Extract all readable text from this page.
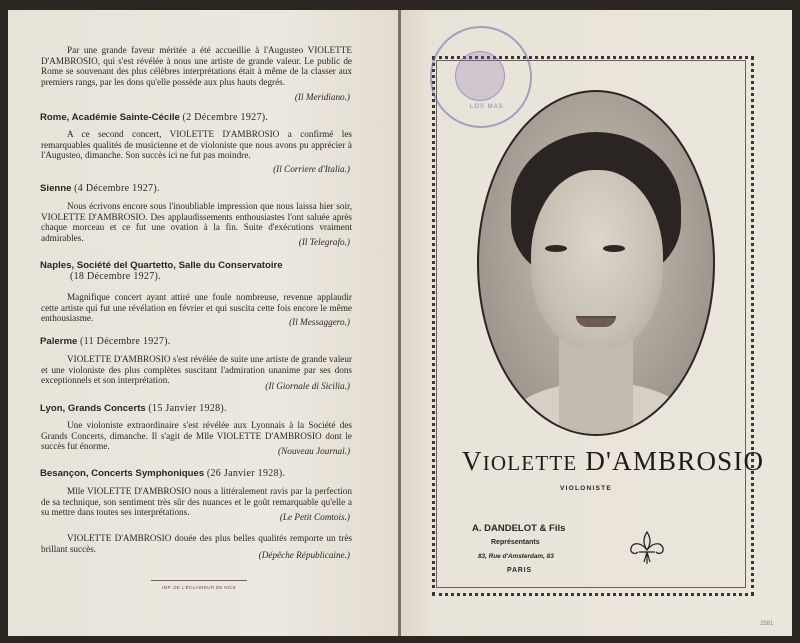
Par une grande faveur méritée a été accueillie à l'Augusteo VIOLETTE D'AMBROSIO, qui s'est révélée à nous une artiste de grande valeur. Le public de Rome se souvenant des plus célèbres interprétations était à même de la classer aux premiers rangs, par les dons qu'elle possède aux plus hauts degrés.

(Il Meridiano.)
Rome, Académie Sainte-Cécile (2 Décembre 1927).

A ce second concert, VIOLETTE D'AMBROSIO a confirmé les remarquables qualités de musicienne et de violoniste que nous avons pu apprécier à l'Augusteo, dimanche. Son succès ici ne fut pas moindre.

(Il Corriere d'Italia.)
Sienne (4 Décembre 1927).

Nous écrivons encore sous l'inoubliable impression que nous laissa hier soir, VIOLETTE D'AMBROSIO. Des applaudissements enthousiastes l'ont saluée après chaque morceau et ce fut une ovation à la fin. Suite d'exécutions vraiment admirables.	(Il Telegrafo.)
Naples, Société del Quartetto, Salle du Conservatoire
(18 Décembre 1927).

Magnifique concert ayant attiré une foule nombreuse, revenue applaudir cette artiste qui fut une révélation en février et qui suscita cette fois encore le même enthousiasme.	(Il Messaggero.)
Palerme (11 Décembre 1927).

VIOLETTE D'AMBROSIO s'est révélée de suite une artiste de grande valeur et une violoniste des plus complètes suscitant l'admiration unanime par ses dons exceptionnels et son interprétation.

(Il Giornale di Sicilia.)
Lyon, Grands Concerts (15 Janvier 1928).

Une violoniste extraordinaire s'est révélée aux Lyonnais à la Société des Grands Concerts, dimanche. Il s'agit de Mlle VIOLETTE D'AMBROSIO dont le succès fut énorme.	(Nouveau Journal.)
Besançon, Concerts Symphoniques (26 Janvier 1928).

Mlle VIOLETTE D'AMBROSIO nous a littéralement ravis par la perfection de sa technique, son sentiment très sûr des nuances et le goût remarquable qu'elle a su mettre dans toutes ses interprétations.	(Le Petit Comtois.)

VIOLETTE D'AMBROSIO douée des plus belles qualités remporte un très brillant succès.

(Dépêche Républicaine.)
IMP. DE L'ÉCLAIREUR DE NICE
LOS MAS
VIOLETTE D'AMBROSIO
VIOLONISTE
A. DANDELOT & Fils
Représentants
83, Rue d'Amsterdam, 83
PARIS
2581
